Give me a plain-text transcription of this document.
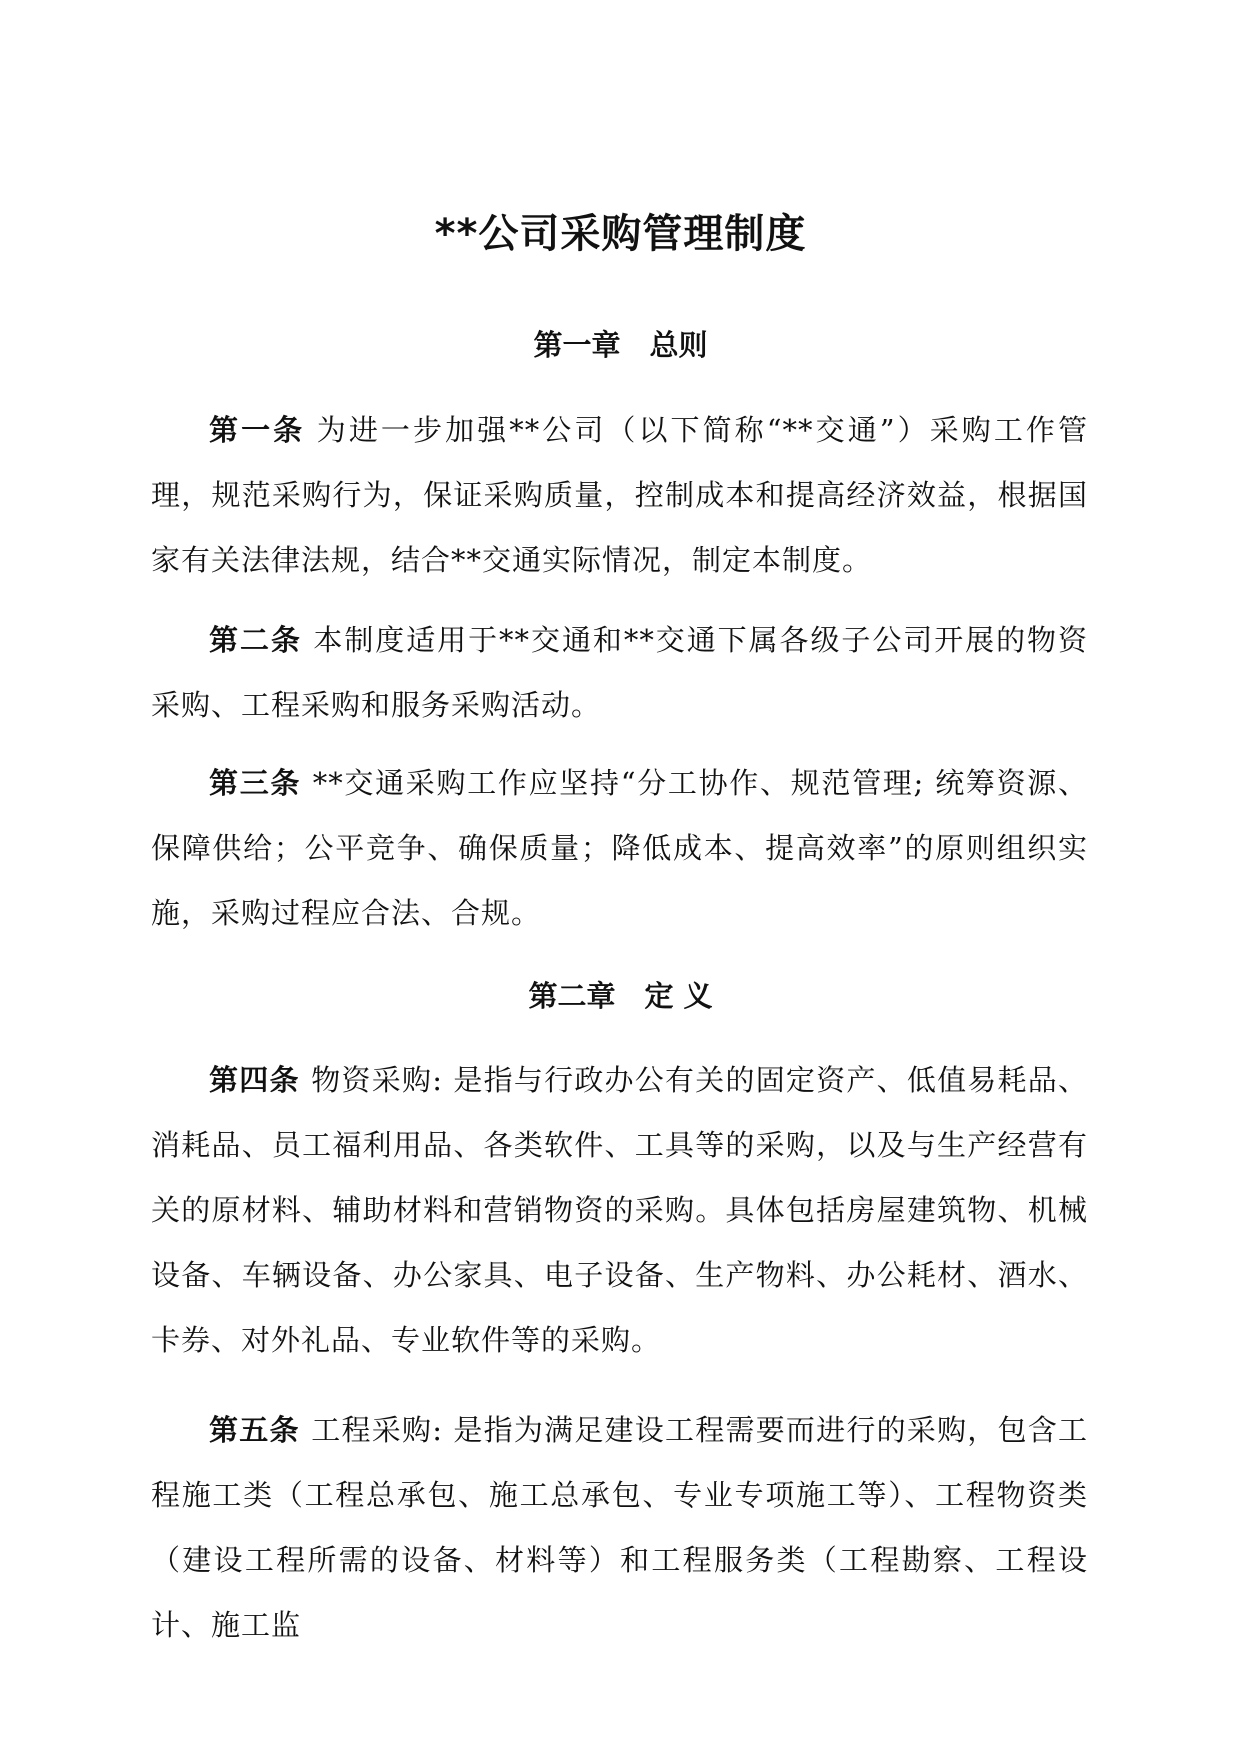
**公司采购管理制度
第一章　总则

第一条 为进一步加强**公司（以下简称“**交通”）采购工作管理，规范采购行为，保证采购质量，控制成本和提高经济效益，根据国家有关法律法规，结合**交通实际情况，制定本制度。

第二条 本制度适用于**交通和**交通下属各级子公司开展的物资采购、工程采购和服务采购活动。

第三条 **交通采购工作应坚持“分工协作、规范管理; 统筹资源、保障供给；公平竞争、确保质量；降低成本、提高效率”的原则组织实施，采购过程应合法、合规。

第二章　定 义

第四条 物资采购: 是指与行政办公有关的固定资产、低值易耗品、消耗品、员工福利用品、各类软件、工具等的采购，以及与生产经营有关的原材料、辅助材料和营销物资的采购。具体包括房屋建筑物、机械设备、车辆设备、办公家具、电子设备、生产物料、办公耗材、酒水、卡券、对外礼品、专业软件等的采购。

第五条 工程采购: 是指为满足建设工程需要而进行的采购，包含工程施工类（工程总承包、施工总承包、专业专项施工等）、工程物资类（建设工程所需的设备、材料等）和工程服务类（工程勘察、工程设计、施工监
